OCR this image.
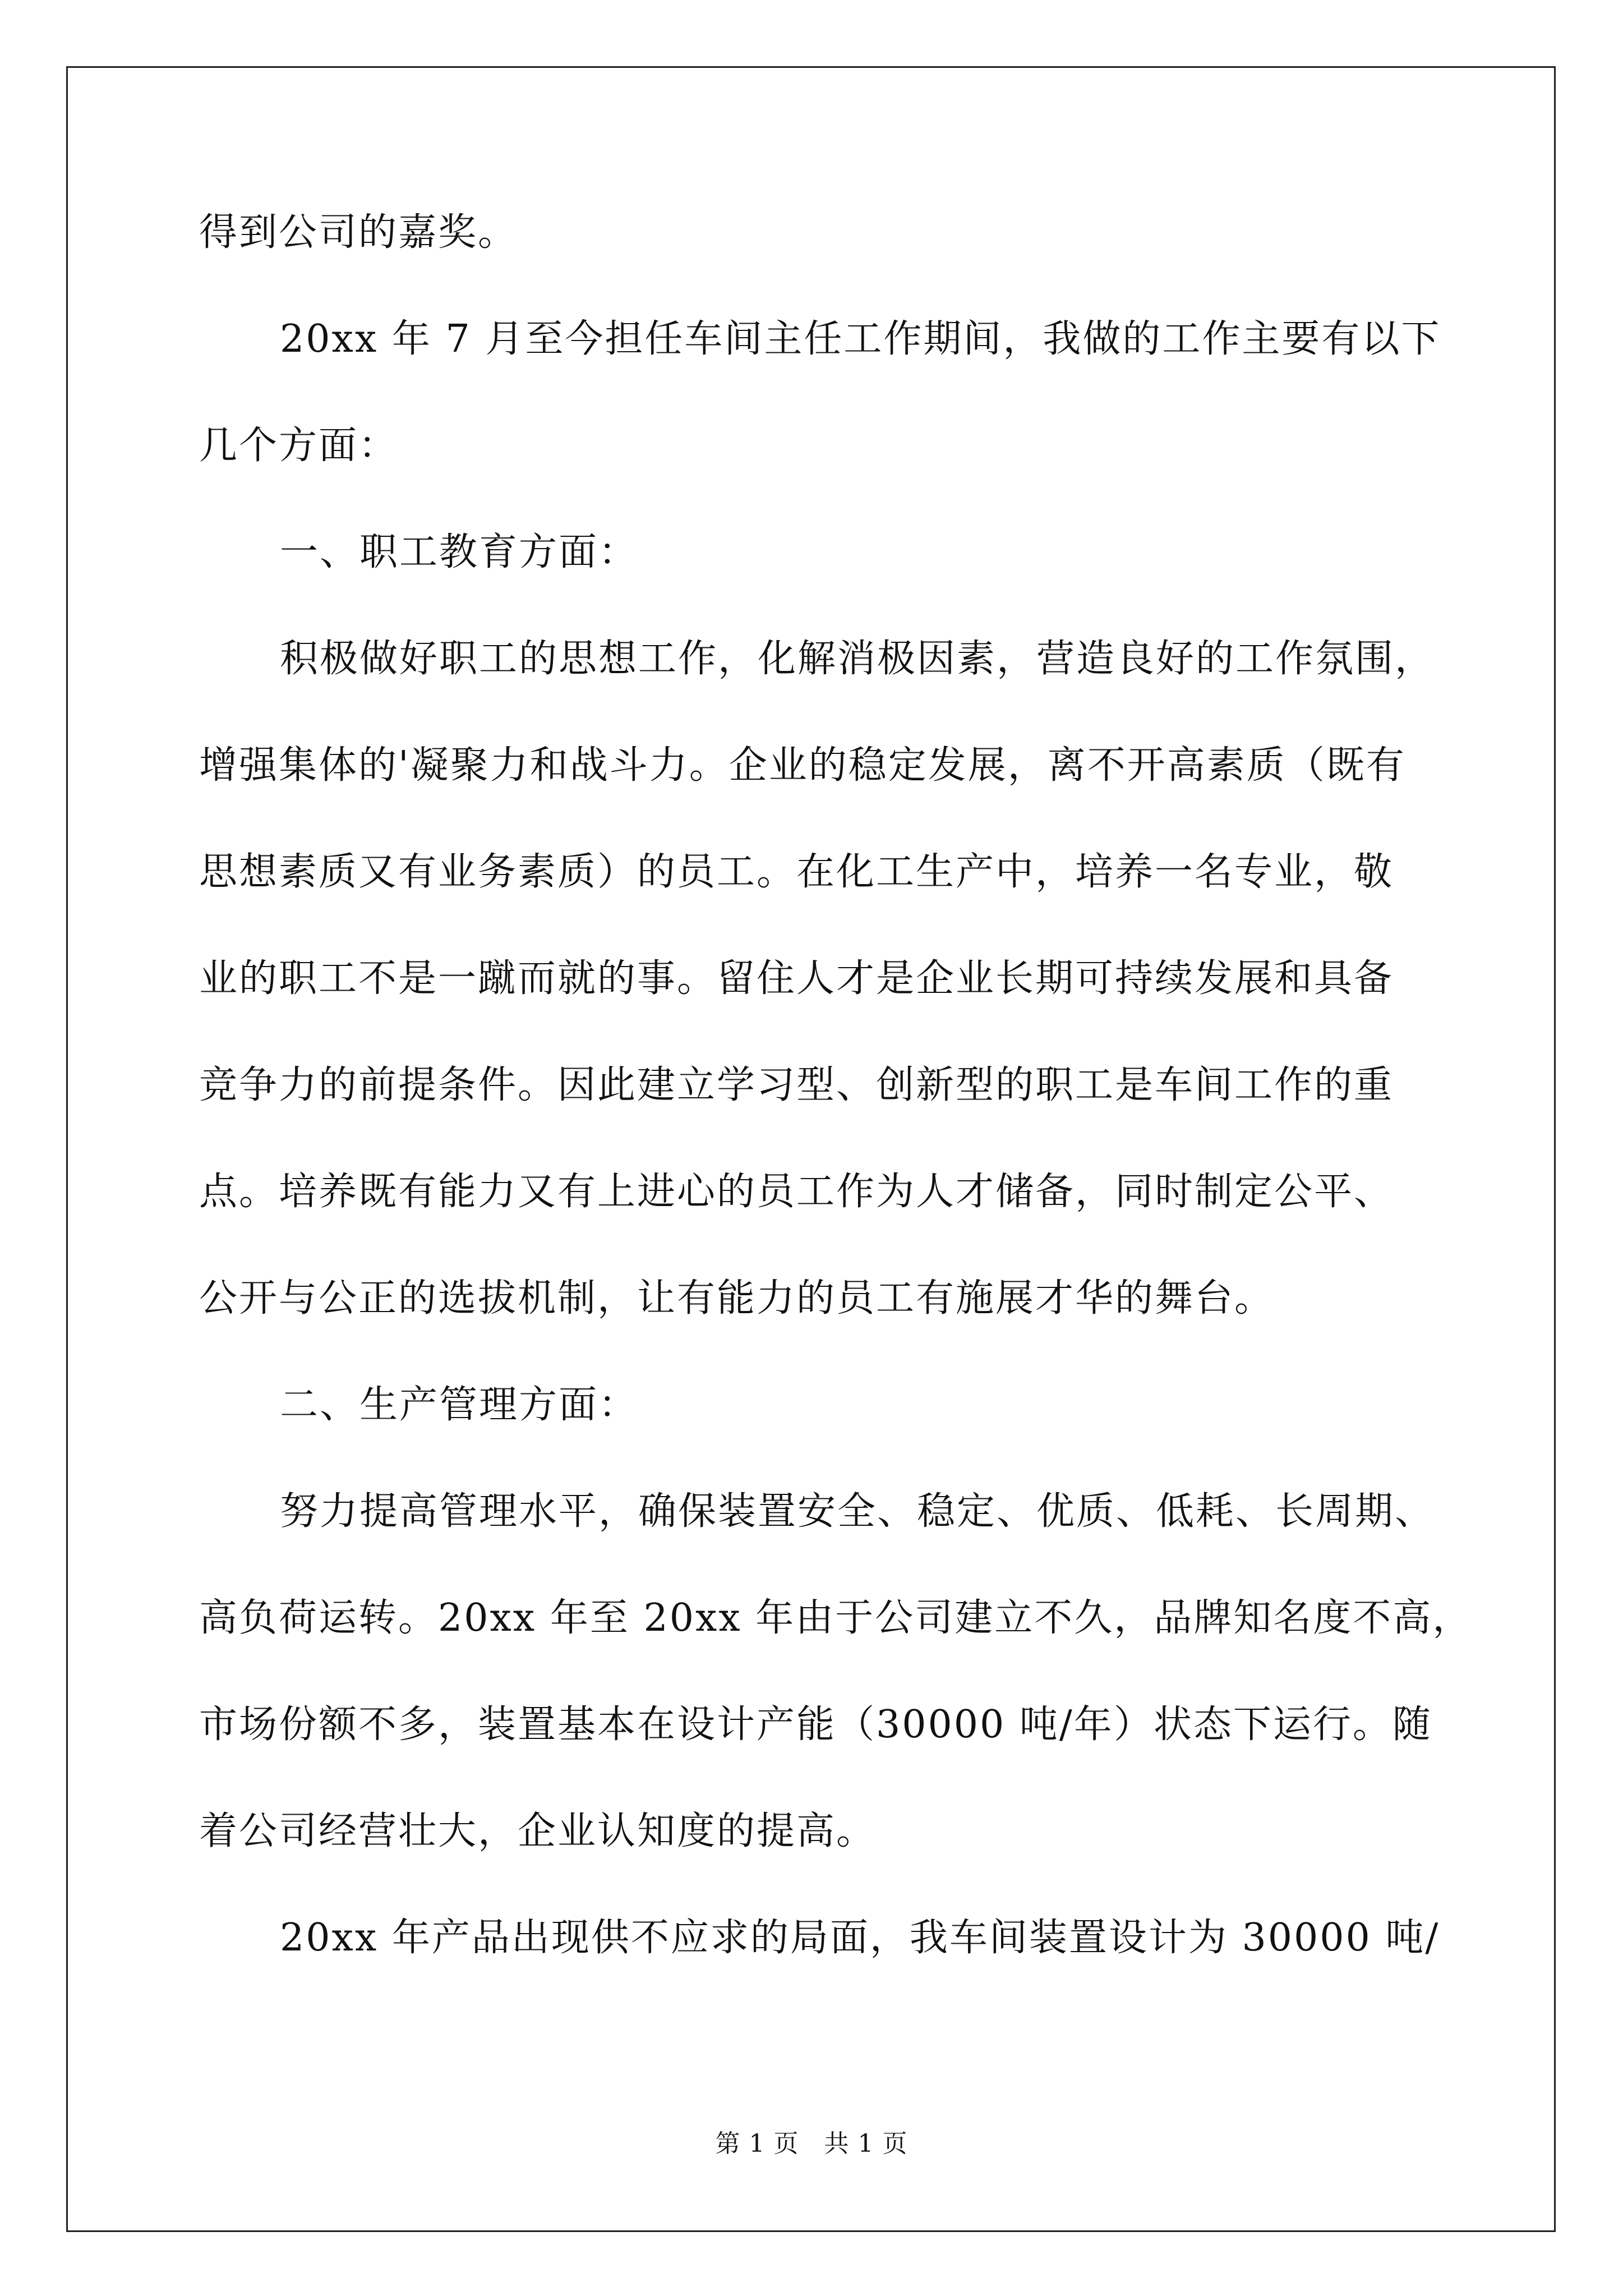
得到公司的嘉奖。
20xx 年 7 月至今担任车间主任工作期间，我做的工作主要有以下
几个方面：
一、职工教育方面：
积极做好职工的思想工作，化解消极因素，营造良好的工作氛围，
增强集体的'凝聚力和战斗力。企业的稳定发展，离不开高素质（既有
思想素质又有业务素质）的员工。在化工生产中，培养一名专业，敬
业的职工不是一蹴而就的事。留住人才是企业长期可持续发展和具备
竞争力的前提条件。因此建立学习型、创新型的职工是车间工作的重
点。培养既有能力又有上进心的员工作为人才储备，同时制定公平、
公开与公正的选拔机制，让有能力的员工有施展才华的舞台。
二、生产管理方面：
努力提高管理水平，确保装置安全、稳定、优质、低耗、长周期、
高负荷运转。20xx 年至 20xx 年由于公司建立不久，品牌知名度不高，
市场份额不多，装置基本在设计产能（30000 吨/年）状态下运行。随
着公司经营壮大，企业认知度的提高。
20xx 年产品出现供不应求的局面，我车间装置设计为 30000 吨/
第 1 页　共 1 页
